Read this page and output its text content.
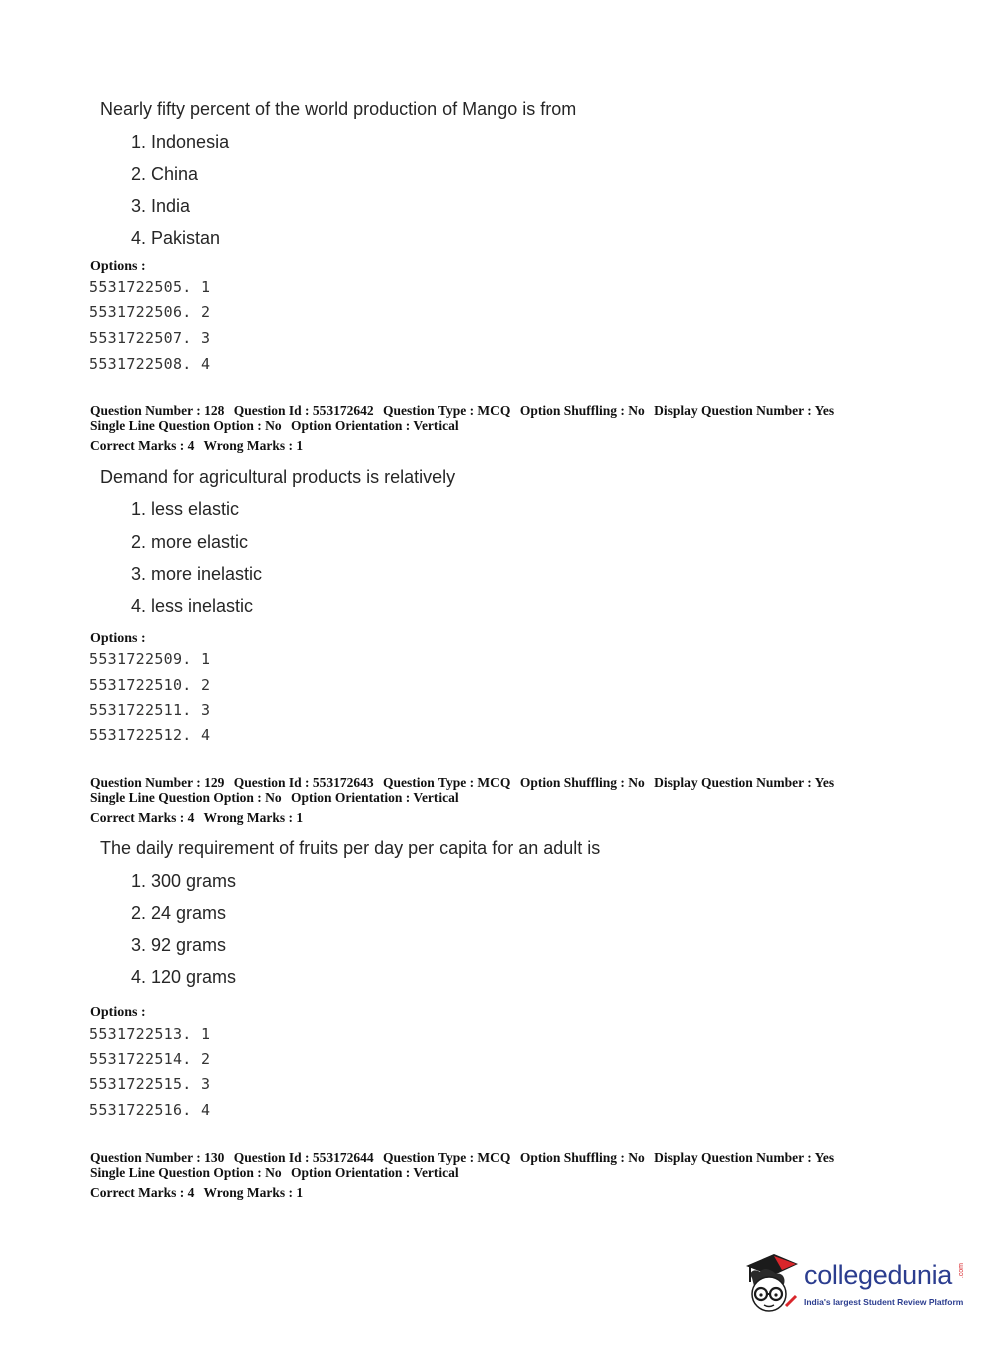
Nearly fifty percent of the world production of Mango is from
1. Indonesia
2. China
3. India
4. Pakistan
Options :
5531722505. 1
5531722506. 2
5531722507. 3
5531722508. 4
Question Number : 128 Question Id : 553172642 Question Type : MCQ Option Shuffling : No Display Question Number : Yes
Single Line Question Option : No Option Orientation : Vertical
Correct Marks : 4 Wrong Marks : 1
Demand for agricultural products is relatively
1. less elastic
2. more elastic
3. more inelastic
4. less inelastic
Options :
5531722509. 1
5531722510. 2
5531722511. 3
5531722512. 4
Question Number : 129 Question Id : 553172643 Question Type : MCQ Option Shuffling : No Display Question Number : Yes
Single Line Question Option : No Option Orientation : Vertical
Correct Marks : 4 Wrong Marks : 1
The daily requirement of fruits per day per capita for an adult is
1. 300 grams
2. 24 grams
3. 92 grams
4. 120 grams
Options :
5531722513. 1
5531722514. 2
5531722515. 3
5531722516. 4
Question Number : 130 Question Id : 553172644 Question Type : MCQ Option Shuffling : No Display Question Number : Yes
Single Line Question Option : No Option Orientation : Vertical
Correct Marks : 4 Wrong Marks : 1
collegedunia .com
India's largest Student Review Platform
